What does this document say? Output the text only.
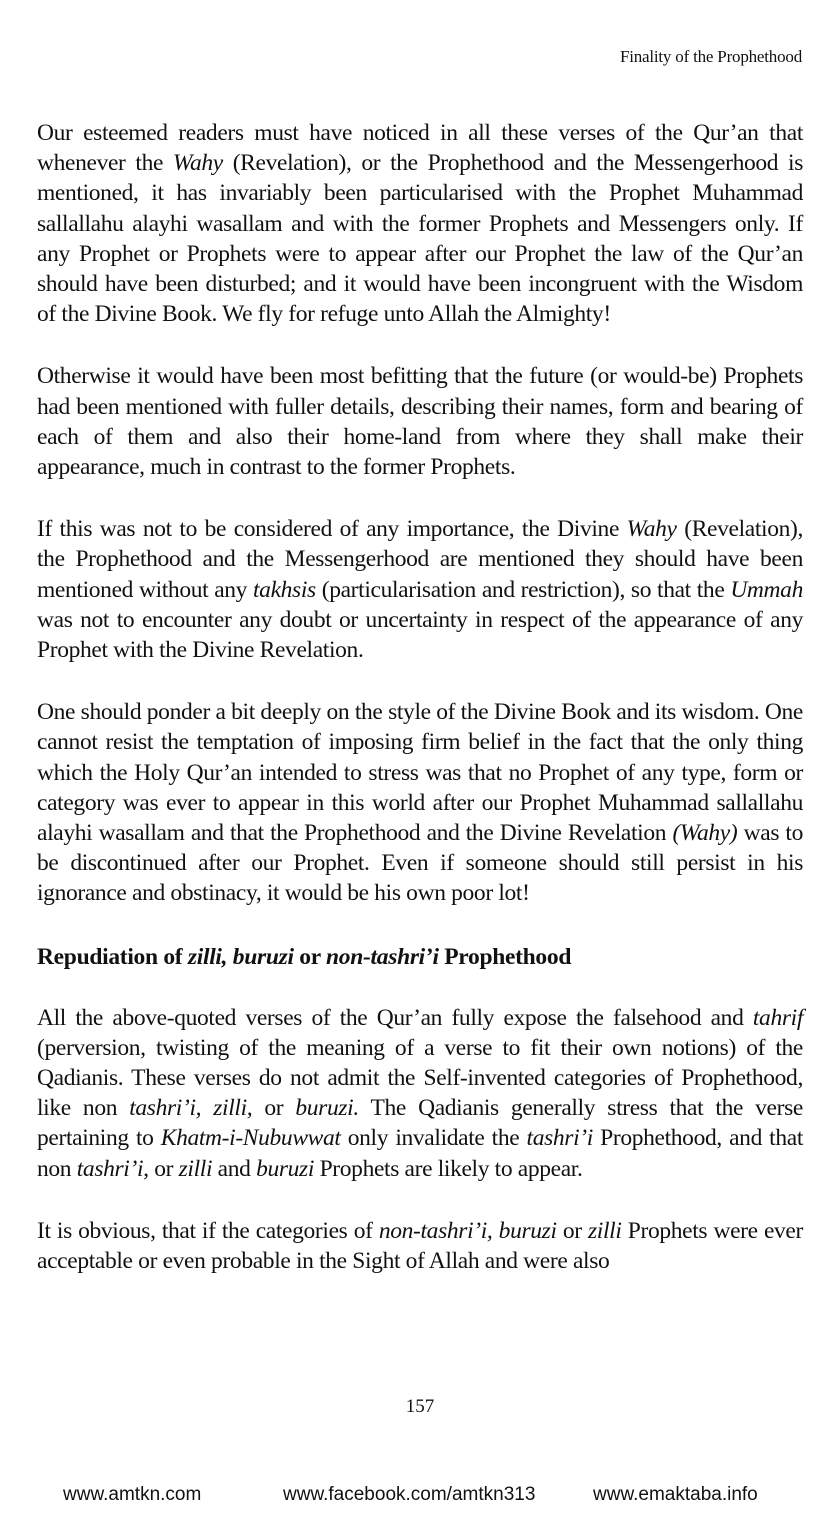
Finality of the Prophethood

Our esteemed readers must have noticed in all these verses of the Qur’an that whenever the Wahy (Revelation), or the Prophethood and the Messengerhood is mentioned, it has invariably been particularised with the Prophet Muhammad sallallahu alayhi wasallam and with the former Prophets and Messengers only. If any Prophet or Prophets were to appear after our Prophet the law of the Qur’an should have been disturbed; and it would have been incongruent with the Wisdom of the Divine Book. We fly for refuge unto Allah the Almighty!

Otherwise it would have been most befitting that the future (or would-be) Prophets had been mentioned with fuller details, describing their names, form and bearing of each of them and also their home-land from where they shall make their appearance, much in contrast to the former Prophets.

If this was not to be considered of any importance, the Divine Wahy (Revelation), the Prophethood and the Messengerhood are mentioned they should have been mentioned without any takhsis (particularisation and restriction), so that the Ummah was not to encounter any doubt or uncertainty in respect of the appearance of any Prophet with the Divine Revelation.

One should ponder a bit deeply on the style of the Divine Book and its wisdom. One cannot resist the temptation of imposing firm belief in the fact that the only thing which the Holy Qur’an intended to stress was that no Prophet of any type, form or category was ever to appear in this world after our Prophet Muhammad sallallahu alayhi wasallam and that the Prophethood and the Divine Revelation (Wahy) was to be discontinued after our Prophet. Even if someone should still persist in his ignorance and obstinacy, it would be his own poor lot!

Repudiation of zilli, buruzi or non-tashri’i Prophethood

All the above-quoted verses of the Qur’an fully expose the falsehood and tahrif (perversion, twisting of the meaning of a verse to fit their own notions) of the Qadianis. These verses do not admit the Self-invented categories of Prophethood, like non tashri’i, zilli, or buruzi. The Qadianis generally stress that the verse pertaining to Khatm-i-Nubuwwat only invalidate the tashri’i Prophethood, and that non tashri’i, or zilli and buruzi Prophets are likely to appear.

It is obvious, that if the categories of non-tashri’i, buruzi or zilli Prophets were ever acceptable or even probable in the Sight of Allah and were also

157
www.amtkn.com	www.facebook.com/amtkn313	www.emaktaba.info
